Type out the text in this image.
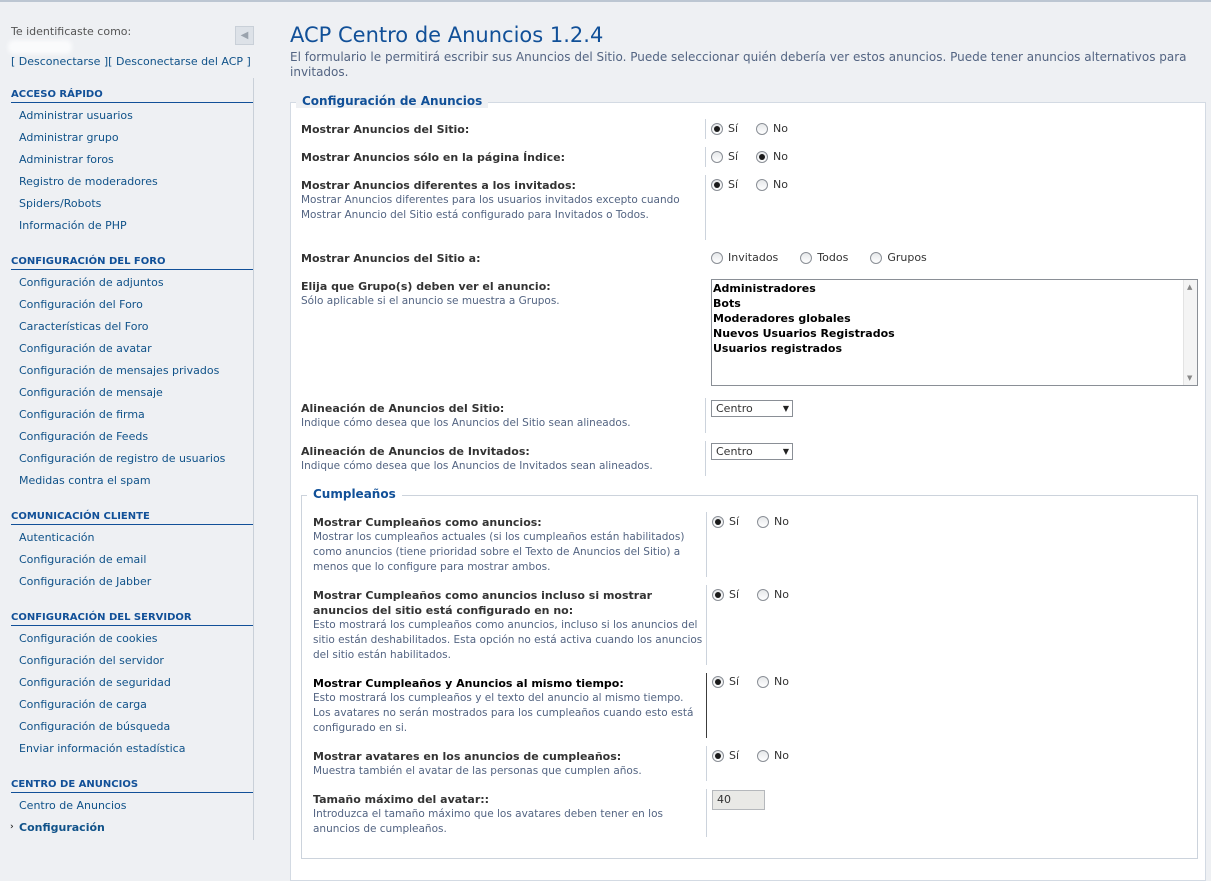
Te identificaste como:	◀
[ Desconectarse ][ Desconectarse del ACP ]
ACCESO RÁPIDO
Administrar usuarios
Administrar grupo
Administrar foros
Registro de moderadores
Spiders/Robots
Información de PHP
CONFIGURACIÓN DEL FORO
Configuración de adjuntos
Configuración del Foro
Características del Foro
Configuración de avatar
Configuración de mensajes privados
Configuración de mensaje
Configuración de firma
Configuración de Feeds
Configuración de registro de usuarios
Medidas contra el spam
COMUNICACIÓN CLIENTE
Autenticación
Configuración de email
Configuración de Jabber
CONFIGURACIÓN DEL SERVIDOR
Configuración de cookies
Configuración del servidor
Configuración de seguridad
Configuración de carga
Configuración de búsqueda
Enviar información estadística
CENTRO DE ANUNCIOS
Centro de Anuncios
› Configuración
ACP Centro de Anuncios 1.2.4
El formulario le permitirá escribir sus Anuncios del Sitio. Puede seleccionar quién debería ver estos anuncios. Puede tener anuncios alternativos para invitados.
Configuración de Anuncios
Mostrar Anuncios del Sitio:	Sí	No
Mostrar Anuncios sólo en la página Índice:	Sí	No
Mostrar Anuncios diferentes a los invitados:
Mostrar Anuncios diferentes para los usuarios invitados excepto cuando Mostrar Anuncio del Sitio está configurado para Invitados o Todos.
Sí	No
Mostrar Anuncios del Sitio a:	Invitados	Todos	Grupos
Elija que Grupo(s) deben ver el anuncio:
Sólo aplicable si el anuncio se muestra a Grupos.
Administradores
Bots
Moderadores globales
Nuevos Usuarios Registrados
Usuarios registrados
▲
▼
Alineación de Anuncios del Sitio:
Indique cómo desea que los Anuncios del Sitio sean alineados.
Centro	▼
Alineación de Anuncios de Invitados:
Indique cómo desea que los Anuncios de Invitados sean alineados.
Centro	▼
Cumpleaños
Mostrar Cumpleaños como anuncios:
Mostrar los cumpleaños actuales (si los cumpleaños están habilitados) como anuncios (tiene prioridad sobre el Texto de Anuncios del Sitio) a menos que lo configure para mostrar ambos.
Sí	No
Mostrar Cumpleaños como anuncios incluso si mostrar anuncios del sitio está configurado en no:
Esto mostrará los cumpleaños como anuncios, incluso si los anuncios del sitio están deshabilitados. Esta opción no está activa cuando los anuncios del sitio están habilitados.
Sí	No
Mostrar Cumpleaños y Anuncios al mismo tiempo:
Esto mostrará los cumpleaños y el texto del anuncio al mismo tiempo. Los avatares no serán mostrados para los cumpleaños cuando esto está configurado en si.
Sí	No
Mostrar avatares en los anuncios de cumpleaños:
Muestra también el avatar de las personas que cumplen años.
Sí	No
Tamaño máximo del avatar::
Introduzca el tamaño máximo que los avatares deben tener en los anuncios de cumpleaños.
40
